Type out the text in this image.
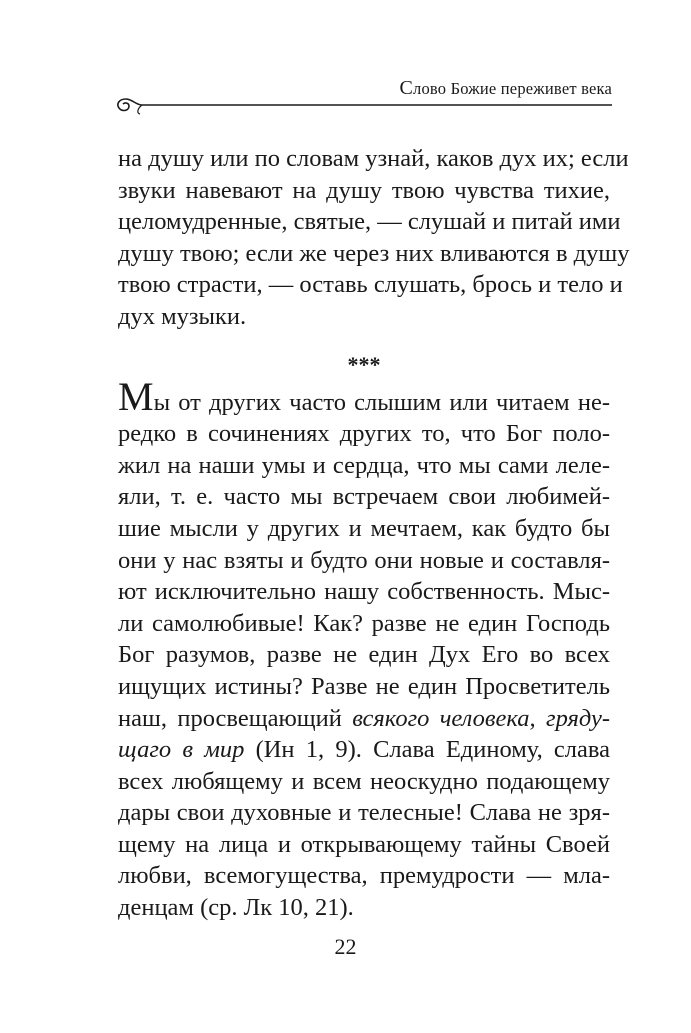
Слово Божие переживет века
на душу или по словам узнай, каков дух их; если
звуки навевают на душу твою чувства тихие,
целомудренные, святые, — слушай и питай ими
душу твою; если же через них вливаются в душу
твою страсти, — оставь слушать, брось и тело и
дух музыки.
***
Мы от других часто слышим или читаем не-
редко в сочинениях других то, что Бог поло-
жил на наши умы и сердца, что мы сами леле-
яли, т. е. часто мы встречаем свои любимей-
шие мысли у других и мечтаем, как будто бы
они у нас взяты и будто они новые и составля-
ют исключительно нашу собственность. Мыс-
ли самолюбивые! Как? разве не един Господь
Бог разумов, разве не един Дух Его во всех
ищущих истины? Разве не един Просветитель
наш, просвещающий всякого человека, гряду-
щаго в мир (Ин 1, 9). Слава Единому, слава
всех любящему и всем неоскудно подающему
дары свои духовные и телесные! Слава не зря-
щему на лица и открывающему тайны Своей
любви, всемогущества, премудрости — мла-
денцам (ср. Лк 10, 21).
22
